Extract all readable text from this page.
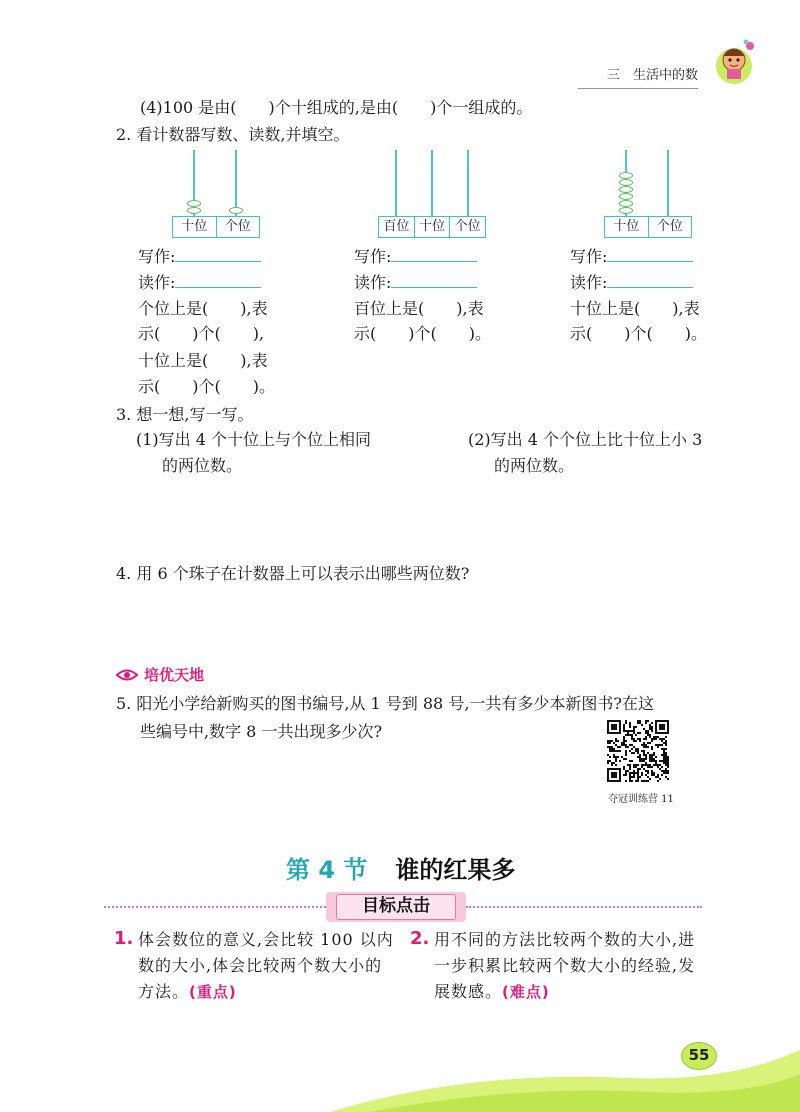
三　生活中的数
(4)100 是由(　　)个十组成的,是由(　　)个一组成的。
2. 看计数器写数、读数,并填空。
十位	个位	百位 十位 个位	十位	个位
写作:
读作:
个位上是(　　),表
示(　　)个(　　),
十位上是(　　),表
示(　　)个(　　)。
写作:
读作:
百位上是(　　),表
示(　　)个(　　)。
写作:
读作:
十位上是(　　),表
示(　　)个(　　)。
3. 想一想,写一写。
(1)写出 4 个十位上与个位上相同
的两位数。
(2)写出 4 个个位上比十位上小 3
的两位数。
4. 用 6 个珠子在计数器上可以表示出哪些两位数?
培优天地
5. 阳光小学给新购买的图书编号,从 1 号到 88 号,一共有多少本新图书?在这
些编号中,数字 8 一共出现多少次?
夺冠训练营 11
第 4 节 谁的红果多
目标点击
1. 体会数位的意义,会比较 100 以内
数的大小,体会比较两个数大小的
方法。(重点)
2. 用不同的方法比较两个数的大小,进
一步积累比较两个数大小的经验,发
展数感。(难点)
55
